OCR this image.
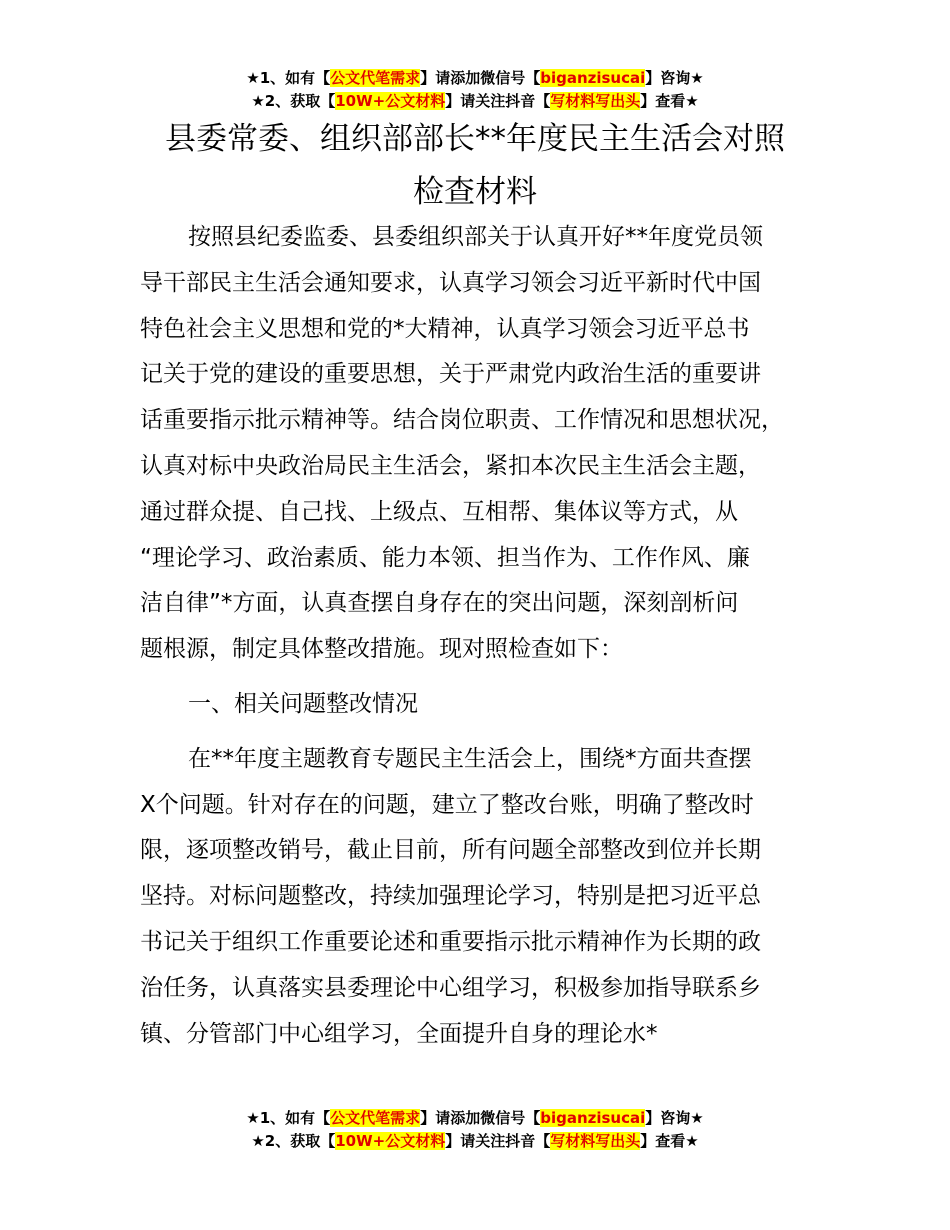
★1、如有【公文代笔需求】请添加微信号【biganzisucai】咨询★
★2、获取【10W+公文材料】请关注抖音【写材料写出头】查看★
县委常委、组织部部长**年度民主生活会对照
检查材料

按照县纪委监委、县委组织部关于认真开好**年度党员领
导干部民主生活会通知要求，认真学习领会习近平新时代中国
特色社会主义思想和党的*大精神，认真学习领会习近平总书
记关于党的建设的重要思想，关于严肃党内政治生活的重要讲
话重要指示批示精神等。结合岗位职责、工作情况和思想状况，
认真对标中央政治局民主生活会，紧扣本次民主生活会主题，
通过群众提、自己找、上级点、互相帮、集体议等方式，从
“理论学习、政治素质、能力本领、担当作为、工作作风、廉
洁自律”*方面，认真查摆自身存在的突出问题，深刻剖析问
题根源，制定具体整改措施。现对照检查如下：

一、相关问题整改情况

在**年度主题教育专题民主生活会上，围绕*方面共查摆
X个问题。针对存在的问题，建立了整改台账，明确了整改时
限，逐项整改销号，截止目前，所有问题全部整改到位并长期
坚持。对标问题整改，持续加强理论学习，特别是把习近平总
书记关于组织工作重要论述和重要指示批示精神作为长期的政
治任务，认真落实县委理论中心组学习，积极参加指导联系乡
镇、分管部门中心组学习，全面提升自身的理论水*

★1、如有【公文代笔需求】请添加微信号【biganzisucai】咨询★
★2、获取【10W+公文材料】请关注抖音【写材料写出头】查看★
